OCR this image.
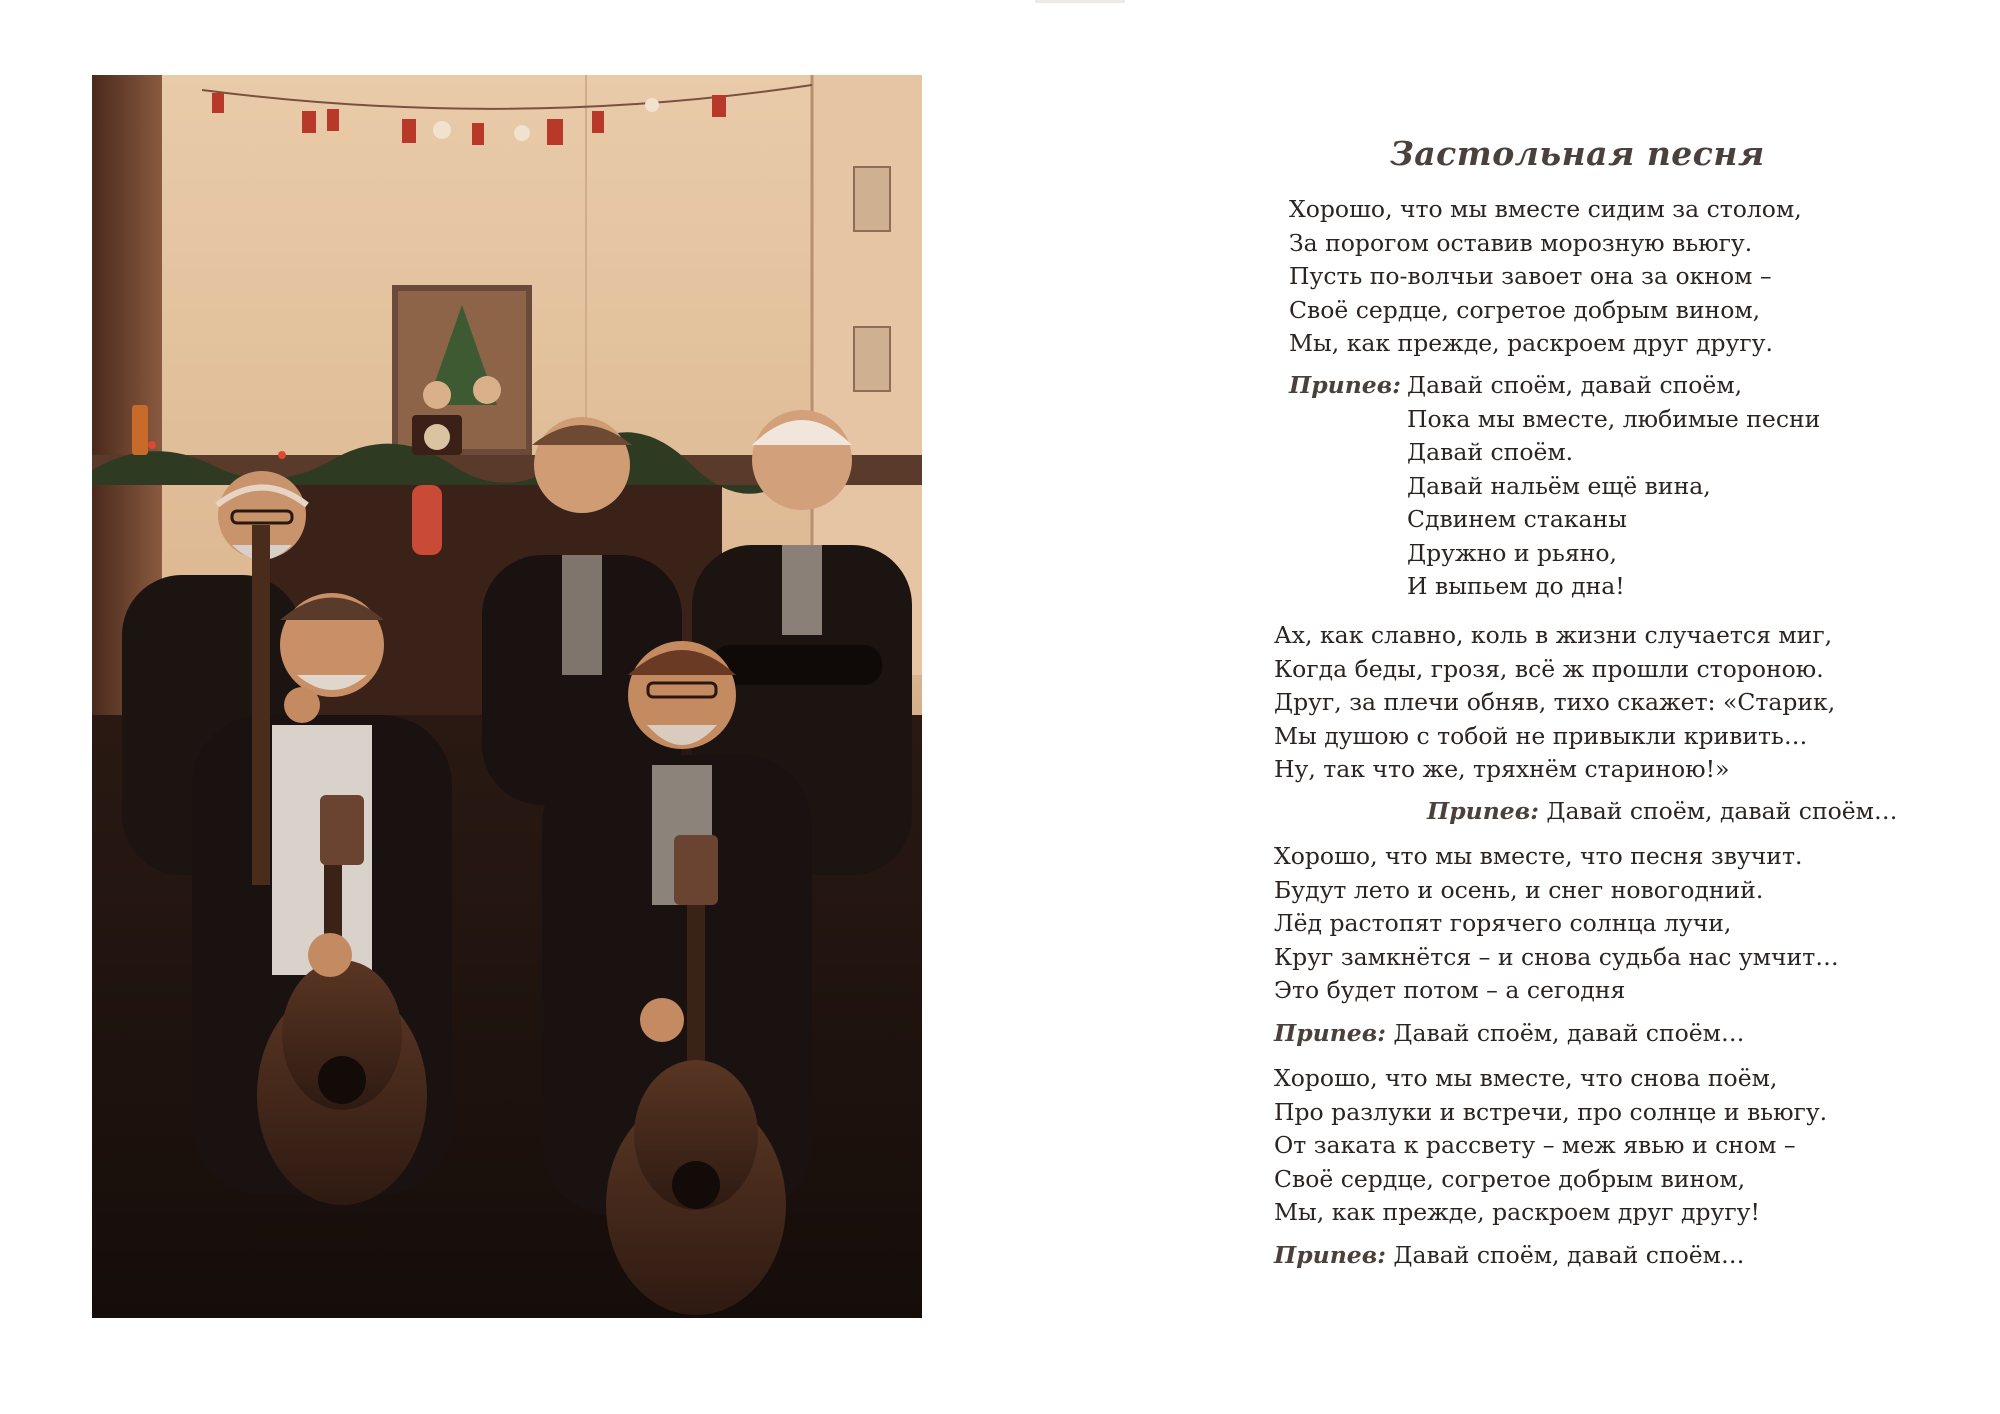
Застольная песня
Хорошо, что мы вместе сидим за столом,
За порогом оставив морозную вьюгу.
Пусть по-волчьи завоет она за окном –
Своё сердце, согретое добрым вином,
Мы, как прежде, раскроем друг другу.
Припев: Давай споём, давай споём,
Пока мы вместе, любимые песни
Давай споём.
Давай нальём ещё вина,
Сдвинем стаканы
Дружно и рьяно,
И выпьем до дна!
Ах, как славно, коль в жизни случается миг,
Когда беды, грозя, всё ж прошли стороною.
Друг, за плечи обняв, тихо скажет: «Старик,
Мы душою с тобой не привыкли кривить…
Ну, так что же, тряхнём стариною!»
Припев: Давай споём, давай споём…
Хорошо, что мы вместе, что песня звучит.
Будут лето и осень, и снег новогодний.
Лёд растопят горячего солнца лучи,
Круг замкнётся – и снова судьба нас умчит…
Это будет потом – а сегодня
Припев: Давай споём, давай споём…
Хорошо, что мы вместе, что снова поём,
Про разлуки и встречи, про солнце и вьюгу.
От заката к рассвету – меж явью и сном –
Своё сердце, согретое добрым вином,
Мы, как прежде, раскроем друг другу!
Припев: Давай споём, давай споём…
